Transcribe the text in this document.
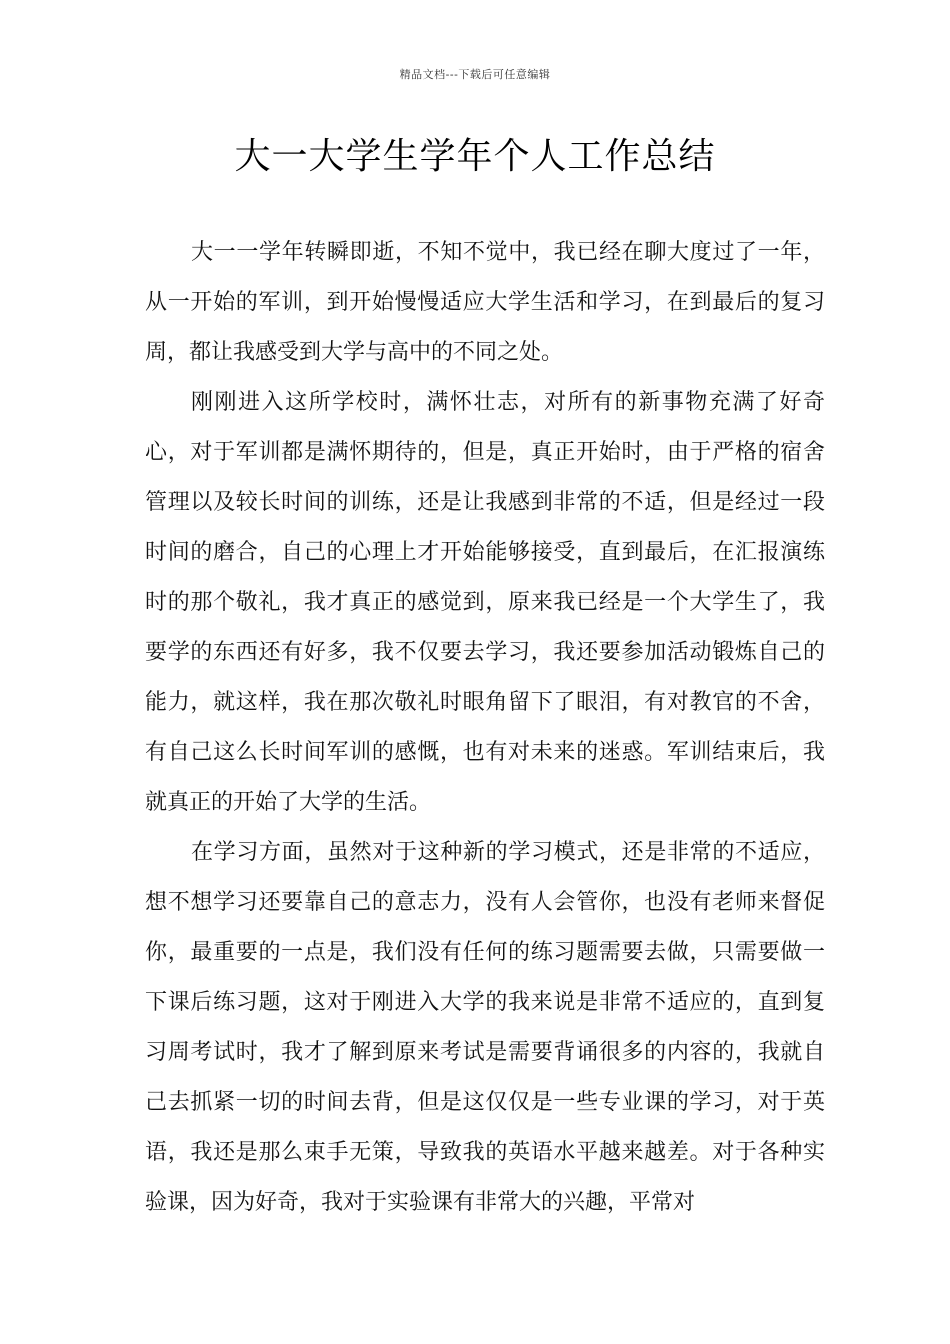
精品文档---下载后可任意编辑
大一大学生学年个人工作总结

大一一学年转瞬即逝，不知不觉中，我已经在聊大度过了一年，从一开始的军训，到开始慢慢适应大学生活和学习，在到最后的复习周，都让我感受到大学与高中的不同之处。

刚刚进入这所学校时，满怀壮志，对所有的新事物充满了好奇心，对于军训都是满怀期待的，但是，真正开始时，由于严格的宿舍管理以及较长时间的训练，还是让我感到非常的不适，但是经过一段时间的磨合，自己的心理上才开始能够接受，直到最后，在汇报演练时的那个敬礼，我才真正的感觉到，原来我已经是一个大学生了，我要学的东西还有好多，我不仅要去学习，我还要参加活动锻炼自己的能力，就这样，我在那次敬礼时眼角留下了眼泪，有对教官的不舍，有自己这么长时间军训的感慨，也有对未来的迷惑。军训结束后，我就真正的开始了大学的生活。

在学习方面，虽然对于这种新的学习模式，还是非常的不适应，想不想学习还要靠自己的意志力，没有人会管你，也没有老师来督促你，最重要的一点是，我们没有任何的练习题需要去做，只需要做一下课后练习题，这对于刚进入大学的我来说是非常不适应的，直到复习周考试时，我才了解到原来考试是需要背诵很多的内容的，我就自己去抓紧一切的时间去背，但是这仅仅是一些专业课的学习，对于英语，我还是那么束手无策，导致我的英语水平越来越差。对于各种实验课，因为好奇，我对于实验课有非常大的兴趣，平常对
